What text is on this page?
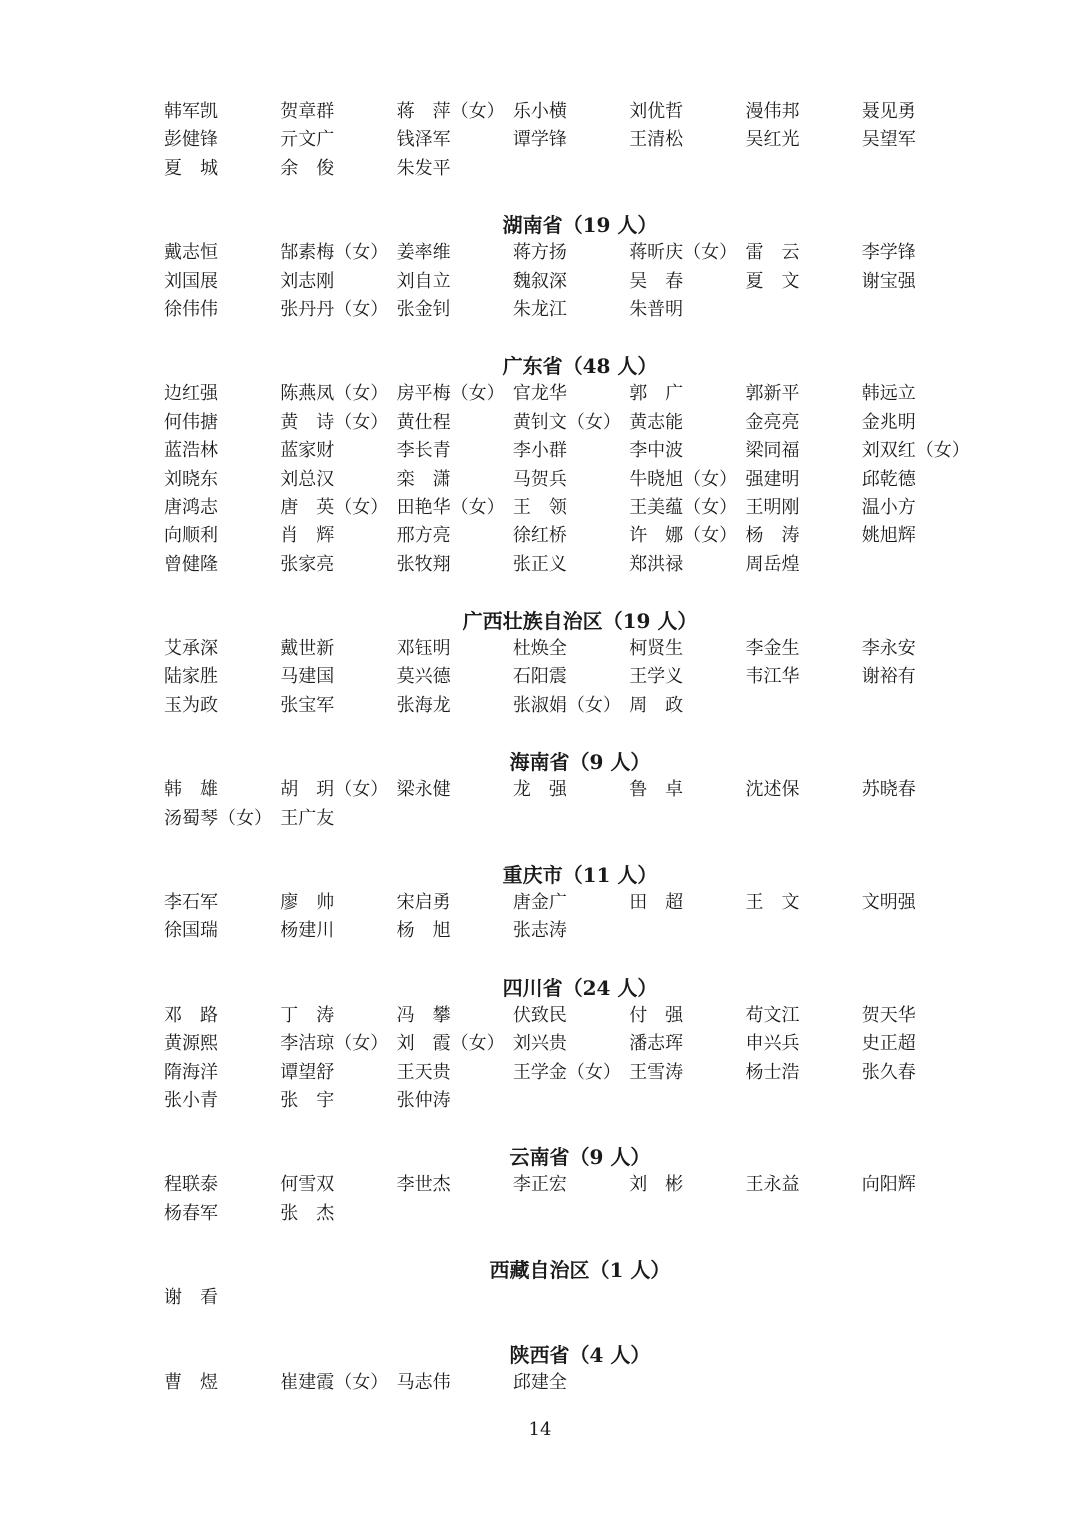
韩军凯	贺章群	蒋　萍（女） 乐小横	刘优哲	漫伟邦	聂见勇
彭健锋	亓文广	钱泽军	谭学锋	王清松	吴红光	吴望军
夏　城	余　俊	朱发平
湖南省（19 人）
戴志恒	郜素梅（女） 姜率维	蒋方扬	蒋昕庆（女） 雷　云	李学锋
刘国展	刘志刚	刘自立	魏叙深	吴　春	夏　文	谢宝强
徐伟伟	张丹丹（女） 张金钊	朱龙江	朱普明
广东省（48 人）
边红强	陈燕凤（女） 房平梅（女） 官龙华	郭　广	郭新平	韩远立
何伟搪	黄　诗（女） 黄仕程	黄钊文（女） 黄志能	金亮亮	金兆明
蓝浩林	蓝家财	李长青	李小群	李中波	梁同福	刘双红（女）
刘晓东	刘总汉	栾　潇	马贺兵	牛晓旭（女） 强建明	邱乾德
唐鸿志	唐　英（女） 田艳华（女） 王　领	王美蕴（女） 王明刚	温小方
向顺利	肖　辉	邢方亮	徐红桥	许　娜（女） 杨　涛	姚旭辉
曾健隆	张家亮	张牧翔	张正义	郑洪禄	周岳煌
广西壮族自治区（19 人）
艾承深	戴世新	邓钰明	杜焕全	柯贤生	李金生	李永安
陆家胜	马建国	莫兴德	石阳震	王学义	韦江华	谢裕有
玉为政	张宝军	张海龙	张淑娟（女） 周　政
海南省（9 人）
韩　雄	胡　玥（女） 梁永健	龙　强	鲁　卓	沈述保	苏晓春
汤蜀琴（女） 王广友
重庆市（11 人）
李石军	廖　帅	宋启勇	唐金广	田　超	王　文	文明强
徐国瑞	杨建川	杨　旭	张志涛
四川省（24 人）
邓　路	丁　涛	冯　攀	伏致民	付　强	苟文江	贺天华
黄源熙	李洁琼（女） 刘　霞（女） 刘兴贵	潘志珲	申兴兵	史正超
隋海洋	谭望舒	王天贵	王学金（女） 王雪涛	杨士浩	张久春
张小青	张　宇	张仲涛
云南省（9 人）
程联泰	何雪双	李世杰	李正宏	刘　彬	王永益	向阳辉
杨春军	张　杰
西藏自治区（1 人）
谢　看
陕西省（4 人）
曹　煜	崔建霞（女） 马志伟	邱建全
14
